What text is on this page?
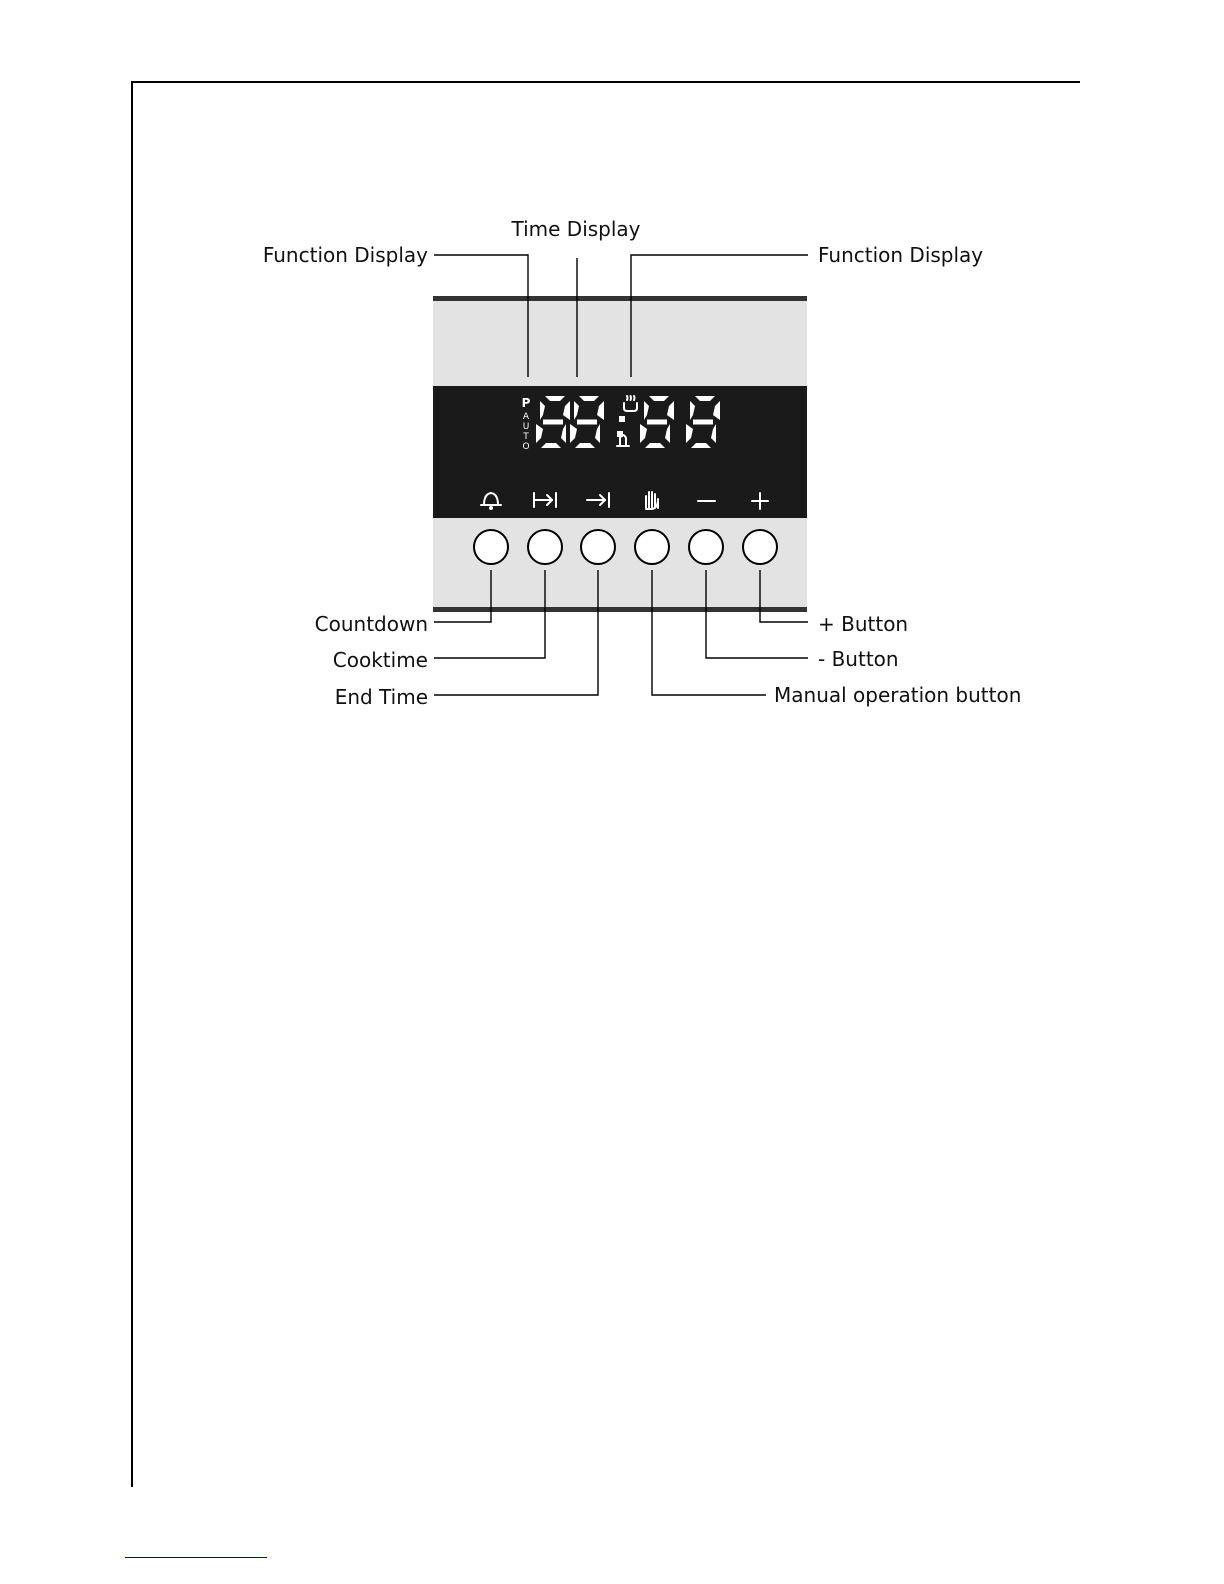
P
A
U
T
O
Time Display
Function Display	Function Display
Countdown
Cooktime
End Time
+ Button
- Button
Manual operation button
